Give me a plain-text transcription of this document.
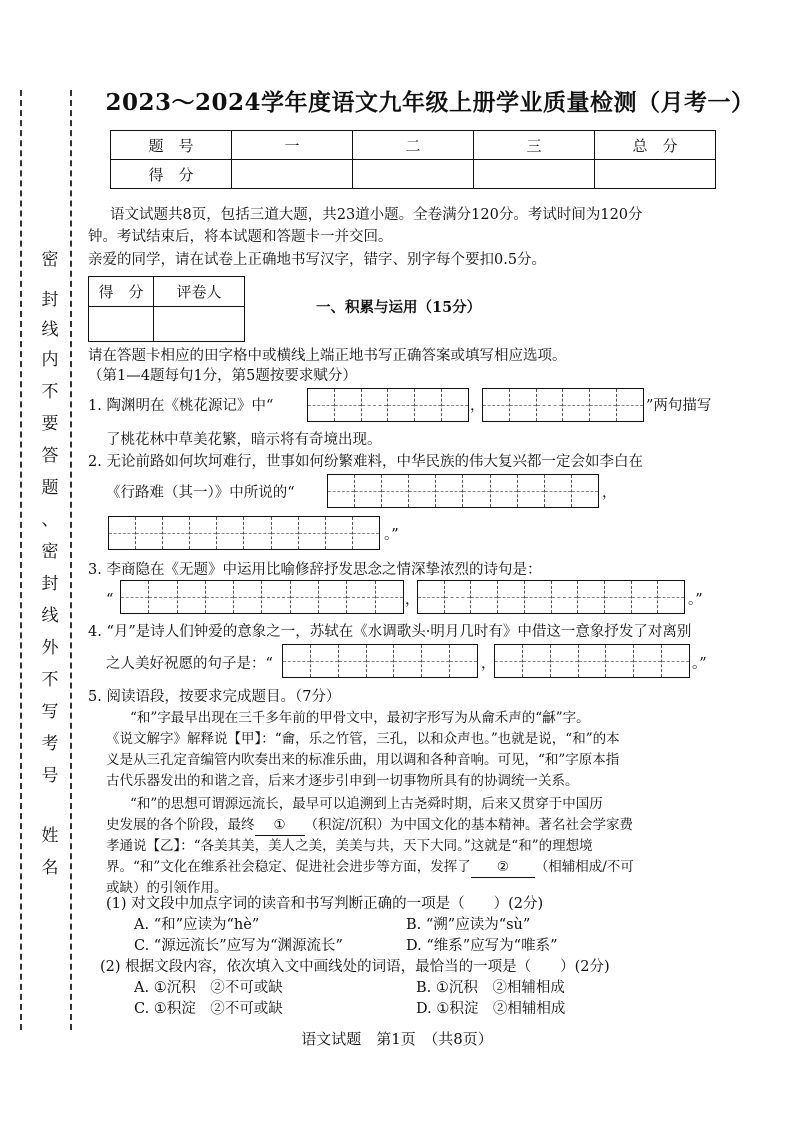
密
封
线
内
不
要
答
题
、
密
封
线
外
不
写
考
号
姓
名
2023～2024学年度语文九年级上册学业质量检测（月考一）
题　号	一	二	三	总　分
得　分				
语文试题共8页，包括三道大题，共23道小题。全卷满分120分。考试时间为120分
钟。考试结束后，将本试题和答题卡一并交回。
亲爱的同学，请在试卷上正确地书写汉字，错字、别字每个要扣0.5分。
得　分	评卷人

一、积累与运用（15分）
请在答题卡相应的田字格中或横线上端正地书写正确答案或填写相应选项。
（第1—4题每句1分，第5题按要求赋分）
1. 陶渊明在《桃花源记》中“	，	”两句描写
了桃花林中草美花繁，暗示将有奇境出现。
2. 无论前路如何坎坷难行，世事如何纷繁难料，中华民族的伟大复兴都一定会如李白在
《行路难（其一）》中所说的“	，
。”
3. 李商隐在《无题》中运用比喻修辞抒发思念之情深挚浓烈的诗句是：
“	，	。”
4. “月”是诗人们钟爱的意象之一，苏轼在《水调歌头·明月几时有》中借这一意象抒发了对离别
之人美好祝愿的句子是：“	，	。”
5. 阅读语段，按要求完成题目。（7分）
“和”字最早出现在三千多年前的甲骨文中，最初字形写为从龠禾声的“龢”字。
《说文解字》解释说【甲】：“龠，乐之竹管，三孔，以和众声也。”也就是说，“和”的本
义是从三孔定音编管内吹奏出来的标准乐曲，用以调和各种音响。可见，“和”字原本指
古代乐器发出的和谐之音，后来才逐步引申到一切事物所具有的协调统一关系。
“和”的思想可谓源远流长，最早可以追溯到上古尧舜时期，后来又贯穿于中国历
史发展的各个阶段，最终 ① （积淀/沉积）为中国文化的基本精神。著名社会学家费
孝通说【乙】：“各美其美，美人之美，美美与共，天下大同。”这就是“和”的理想境
界。“和”文化在维系社会稳定、促进社会进步等方面，发挥了 ② （相辅相成/不可
或缺）的引领作用。
(1) 对文段中加点字词的读音和书写判断正确的一项是（　　）(2分)
A. “和”应读为“hè”	B. “溯”应读为“sù”
C. “源远流长”应写为“渊源流长”	D. “维系”应写为“唯系”
(2) 根据文段内容，依次填入文中画线处的词语，最恰当的一项是（　　）(2分)
A. ①沉积　②不可或缺	B. ①沉积　②相辅相成
C. ①积淀　②不可或缺	D. ①积淀　②相辅相成
语文试题　第1页　（共8页）
